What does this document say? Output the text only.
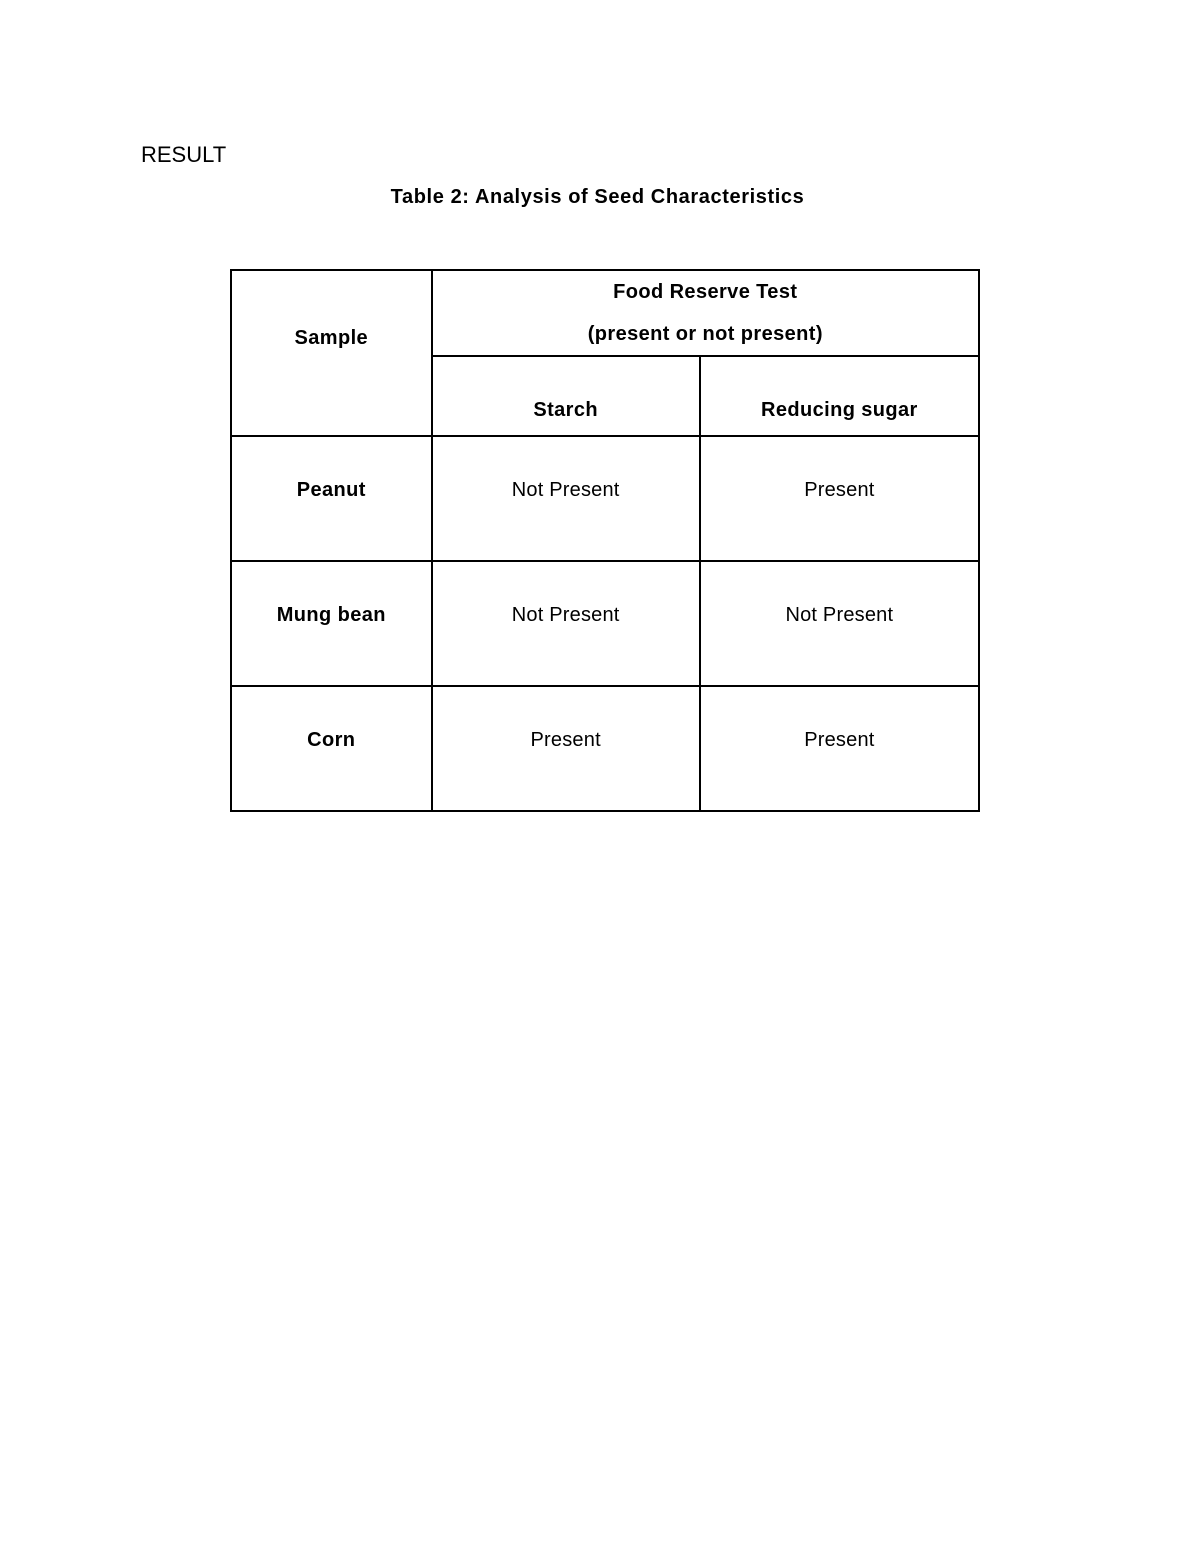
RESULT
Table 2: Analysis of Seed Characteristics
Sample	Food Reserve Test
(present or not present)	

	Starch	Reducing sugar
Peanut	Not Present	Present
Mung bean	Not Present	Not Present
Corn	Present	Present
